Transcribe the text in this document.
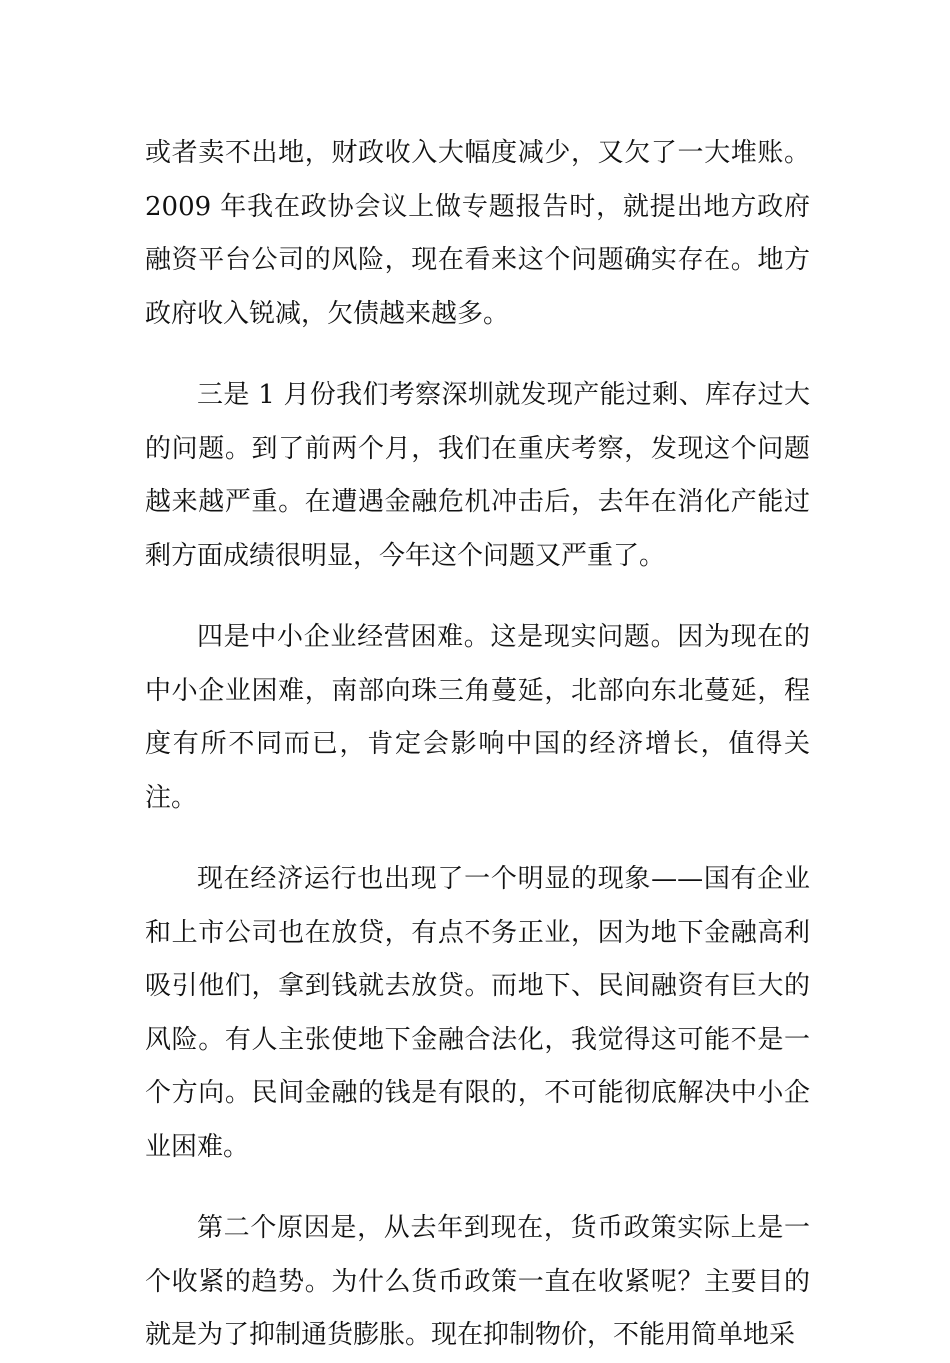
或者卖不出地，财政收入大幅度减少，又欠了一大堆账。2009 年我在政协会议上做专题报告时，就提出地方政府融资平台公司的风险，现在看来这个问题确实存在。地方政府收入锐减，欠债越来越多。

三是 1 月份我们考察深圳就发现产能过剩、库存过大的问题。到了前两个月，我们在重庆考察，发现这个问题越来越严重。在遭遇金融危机冲击后，去年在消化产能过剩方面成绩很明显，今年这个问题又严重了。

四是中小企业经营困难。这是现实问题。因为现在的中小企业困难，南部向珠三角蔓延，北部向东北蔓延，程度有所不同而已，肯定会影响中国的经济增长，值得关注。

现在经济运行也出现了一个明显的现象——国有企业和上市公司也在放贷，有点不务正业，因为地下金融高利吸引他们，拿到钱就去放贷。而地下、民间融资有巨大的风险。有人主张使地下金融合法化，我觉得这可能不是一个方向。民间金融的钱是有限的，不可能彻底解决中小企业困难。

第二个原因是，从去年到现在，货币政策实际上是一个收紧的趋势。为什么货币政策一直在收紧呢？主要目的就是为了抑制通货膨胀。现在抑制物价，不能用简单地采
